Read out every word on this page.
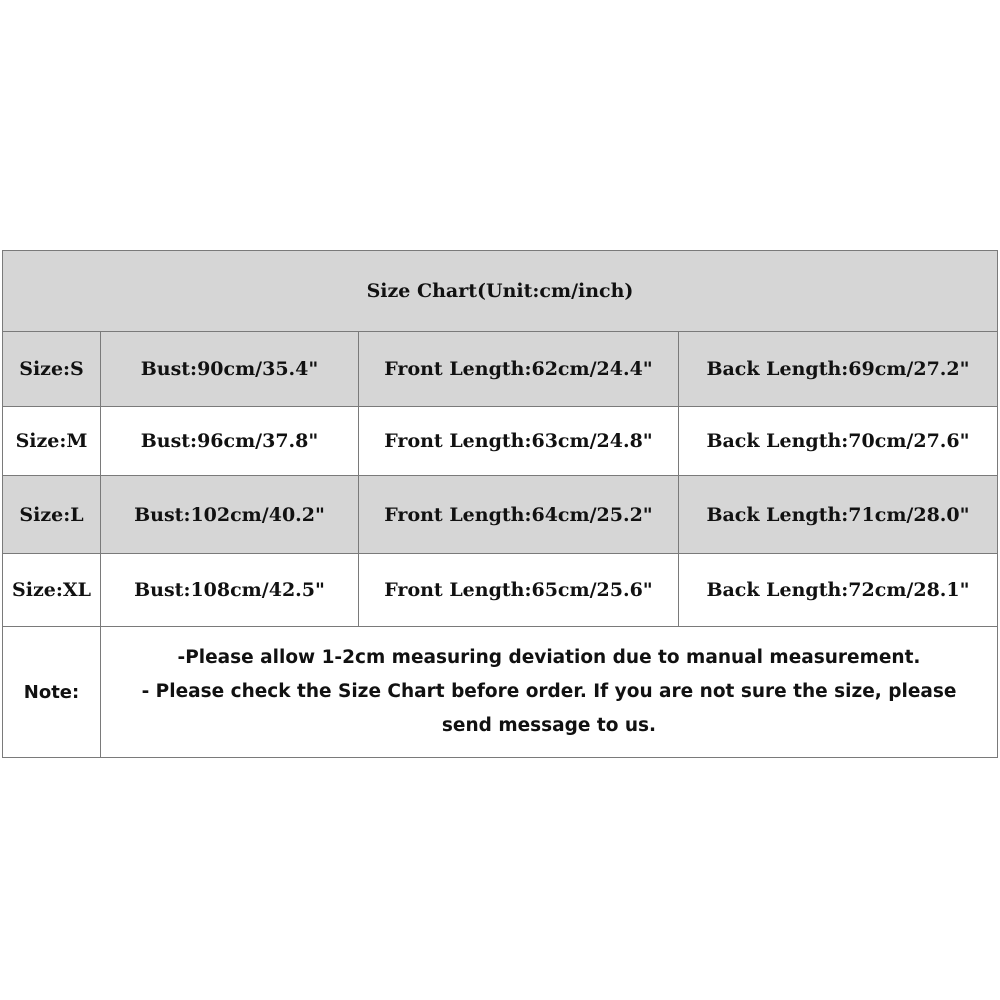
Size Chart(Unit:cm/inch)			
Size:S	Bust:90cm/35.4"	Front Length:62cm/24.4"	Back Length:69cm/27.2"
Size:M	Bust:96cm/37.8"	Front Length:63cm/24.8"	Back Length:70cm/27.6"
Size:L	Bust:102cm/40.2"	Front Length:64cm/25.2"	Back Length:71cm/28.0"
Size:XL	Bust:108cm/42.5"	Front Length:65cm/25.6"	Back Length:72cm/28.1"
Note:	-Please allow 1-2cm measuring deviation due to manual measurement.
- Please check the Size Chart before order. If you are not sure the size, please send message to us.		
